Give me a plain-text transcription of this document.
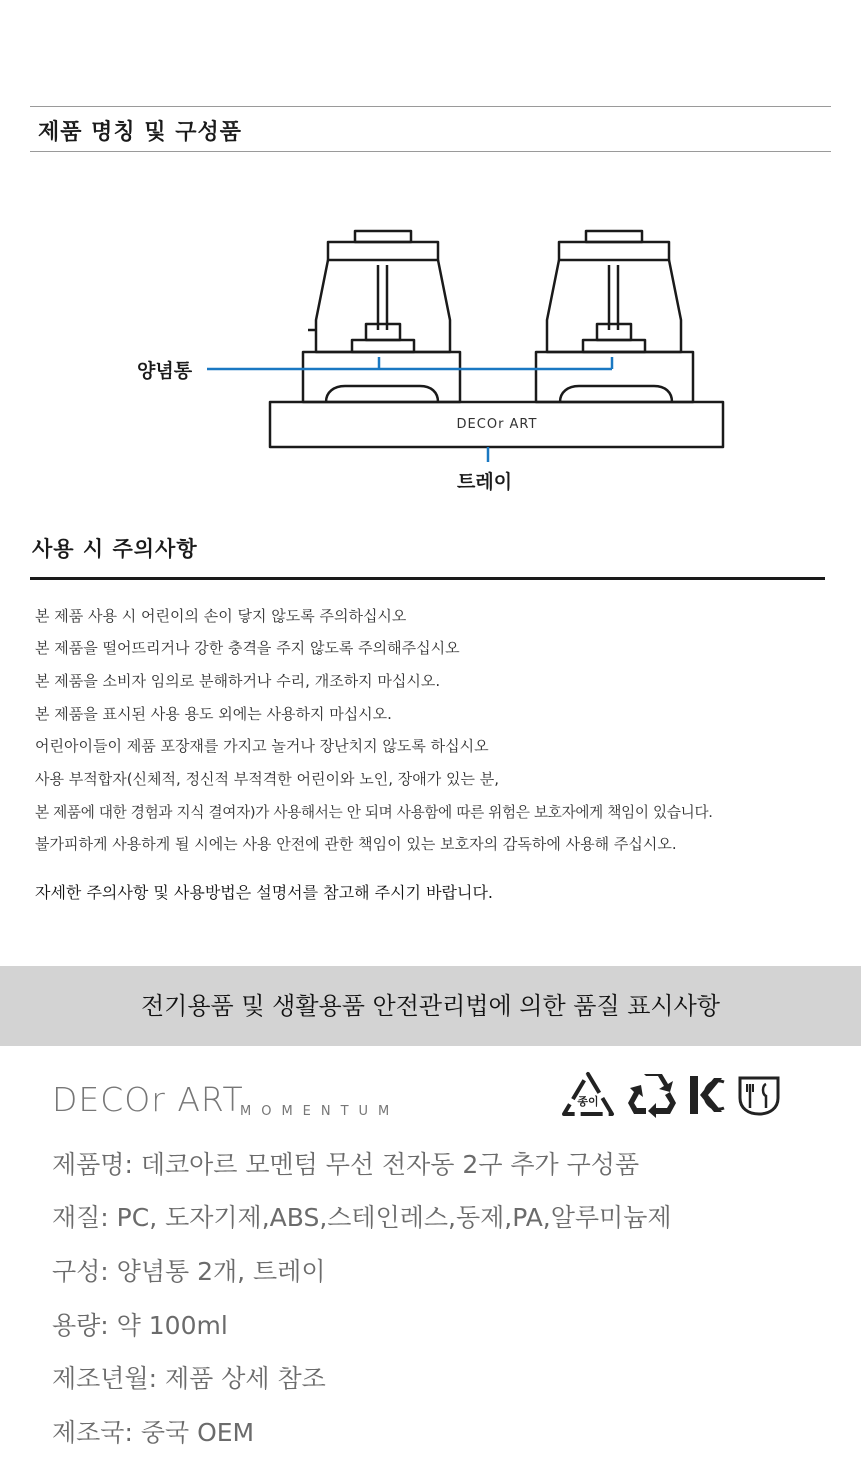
제품 명칭 및 구성품
DECOr ART
양념통
트레이
사용 시 주의사항
본 제품 사용 시 어린이의 손이 닿지 않도록 주의하십시오
본 제품을 떨어뜨리거나 강한 충격을 주지 않도록 주의해주십시오
본 제품을 소비자 임의로 분해하거나 수리, 개조하지 마십시오.
본 제품을 표시된 사용 용도 외에는 사용하지 마십시오.
어린아이들이 제품 포장재를 가지고 놀거나 장난치지 않도록 하십시오
사용 부적합자(신체적, 정신적 부적격한 어린이와 노인, 장애가 있는 분,
본 제품에 대한 경험과 지식 결여자)가 사용해서는 안 되며 사용함에 따른 위험은 보호자에게 책임이 있습니다.
불가피하게 사용하게 될 시에는 사용 안전에 관한 책임이 있는 보호자의 감독하에 사용해 주십시오.
자세한 주의사항 및 사용방법은 설명서를 참고해 주시기 바랍니다.
전기용품 및 생활용품 안전관리법에 의한 품질 표시사항
DECOr ART
MOMENTUM
종이
제품명: 데코아르 모멘텀 무선 전자동 2구 추가 구성품
재질: PC, 도자기제,ABS,스테인레스,동제,PA,알루미늄제
구성: 양념통 2개, 트레이
용량: 약 100ml
제조년월: 제품 상세 참조
제조국: 중국 OEM
